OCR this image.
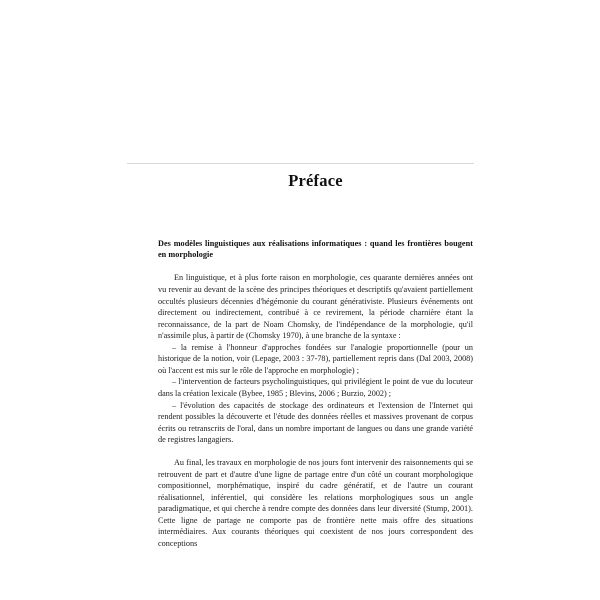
Préface

Des modèles linguistiques aux réalisations informatiques : quand les frontières bougent en morphologie

En linguistique, et à plus forte raison en morphologie, ces quarante dernières années ont vu revenir au devant de la scène des principes théoriques et descriptifs qu'avaient partiellement occultés plusieurs décennies d'hégémonie du courant générativiste. Plusieurs événements ont directement ou indirectement, contribué à ce revirement, la période charnière étant la reconnaissance, de la part de Noam Chomsky, de l'indépendance de la morphologie, qu'il n'assimile plus, à partir de (Chomsky 1970), à une branche de la syntaxe :

– la remise à l'honneur d'approches fondées sur l'analogie proportionnelle (pour un historique de la notion, voir (Lepage, 2003 : 37-78), partiellement repris dans (Dal 2003, 2008) où l'accent est mis sur le rôle de l'approche en morphologie) ;
– l'intervention de facteurs psycholinguistiques, qui privilégient le point de vue du locuteur dans la création lexicale (Bybee, 1985 ; Blevins, 2006 ; Burzio, 2002) ;
– l'évolution des capacités de stockage des ordinateurs et l'extension de l'Internet qui rendent possibles la découverte et l'étude des données réelles et massives provenant de corpus écrits ou retranscrits de l'oral, dans un nombre important de langues ou dans une grande variété de registres langagiers.

Au final, les travaux en morphologie de nos jours font intervenir des raisonnements qui se retrouvent de part et d'autre d'une ligne de partage entre d'un côté un courant morphologique compositionnel, morphématique, inspiré du cadre génératif, et de l'autre un courant réalisationnel, inférentiel, qui considère les relations morphologiques sous un angle paradigmatique, et qui cherche à rendre compte des données dans leur diversité (Stump, 2001). Cette ligne de partage ne comporte pas de frontière nette mais offre des situations intermédiaires. Aux courants théoriques qui coexistent de nos jours correspondent des conceptions
